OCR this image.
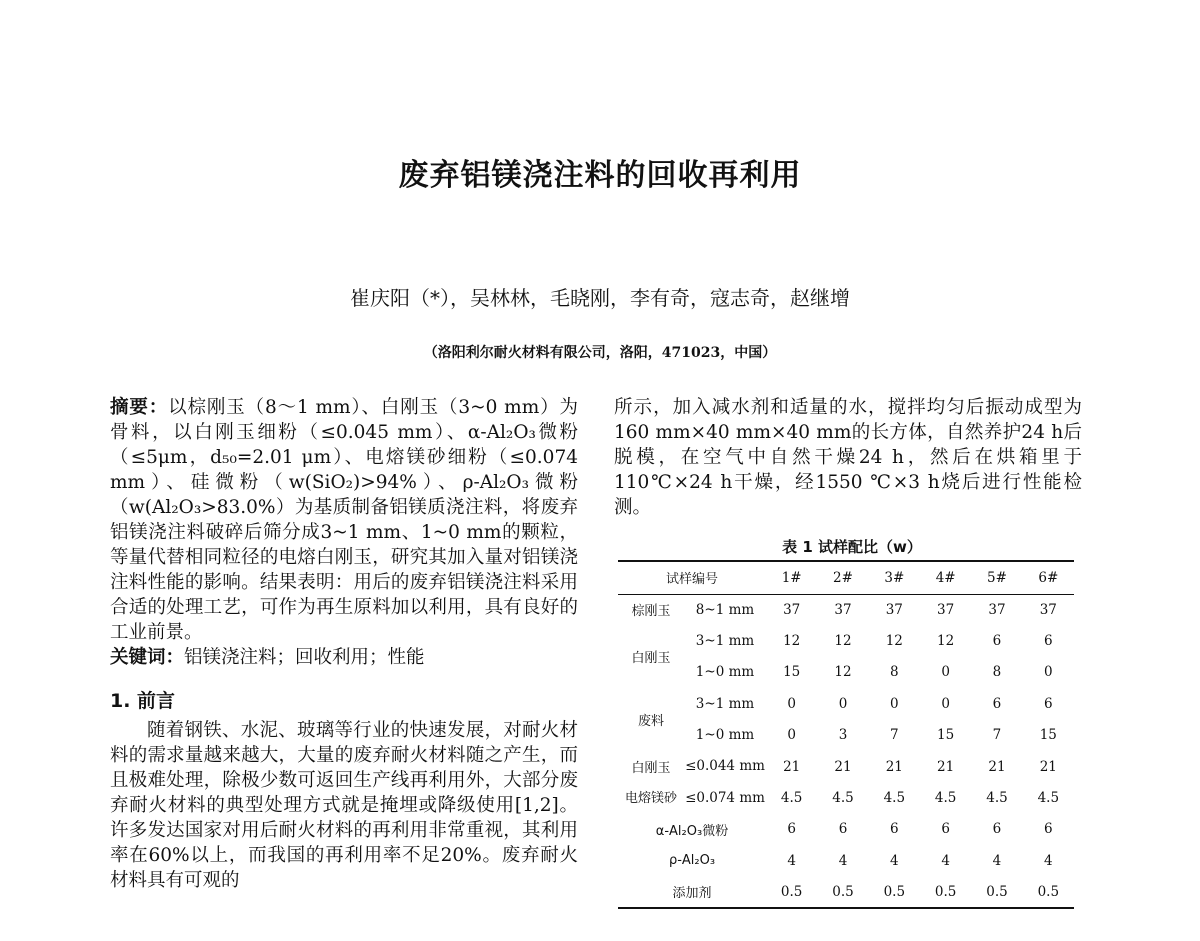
废弃铝镁浇注料的回收再利用
崔庆阳（*），吴林林，毛晓刚，李有奇，寇志奇，赵继增
（洛阳利尔耐火材料有限公司，洛阳，471023，中国）

摘要：以棕刚玉（8～1 mm）、白刚玉（3~0 mm）为骨料，以白刚玉细粉（≤0.045 mm）、α-Al₂O₃微粉（≤5μm，d₅₀=2.01 μm）、电熔镁砂细粉（≤0.074 mm）、硅微粉（w(SiO₂)>94%）、ρ-Al₂O₃微粉（w(Al₂O₃>83.0%）为基质制备铝镁质浇注料，将废弃铝镁浇注料破碎后筛分成3~1 mm、1~0 mm的颗粒，等量代替相同粒径的电熔白刚玉，研究其加入量对铝镁浇注料性能的影响。结果表明：用后的废弃铝镁浇注料采用合适的处理工艺，可作为再生原料加以利用，具有良好的工业前景。

关键词：铝镁浇注料；回收利用；性能

1. 前言

随着钢铁、水泥、玻璃等行业的快速发展，对耐火材料的需求量越来越大，大量的废弃耐火材料随之产生，而且极难处理，除极少数可返回生产线再利用外，大部分废弃耐火材料的典型处理方式就是掩埋或降级使用[1,2]。许多发达国家对用后耐火材料的再利用非常重视，其利用率在60%以上，而我国的再利用率不足20%。废弃耐火材料具有可观的

所示，加入减水剂和适量的水，搅拌均匀后振动成型为160 mm×40 mm×40 mm的长方体，自然养护24 h后脱模，在空气中自然干燥24 h，然后在烘箱里于110℃×24 h干燥，经1550 ℃×3 h烧后进行性能检测。

表 1 试样配比（w）
试样编号		1#	2#	3#	4#	5#	6#
棕刚玉	8~1 mm	37	37	37	37	37	37
白刚玉	3~1 mm	12	12	12	12	6	6
	1~0 mm	15	12	8	0	8	0
废料	3~1 mm	0	0	0	0	6	6
	1~0 mm	0	3	7	15	7	15
白刚玉	≤0.044 mm	21	21	21	21	21	21
电熔镁砂	≤0.074 mm	4.5	4.5	4.5	4.5	4.5	4.5
α-Al₂O₃微粉		6	6	6	6	6	6
ρ-Al₂O₃		4	4	4	4	4	4
添加剂		0.5	0.5	0.5	0.5	0.5	0.5
